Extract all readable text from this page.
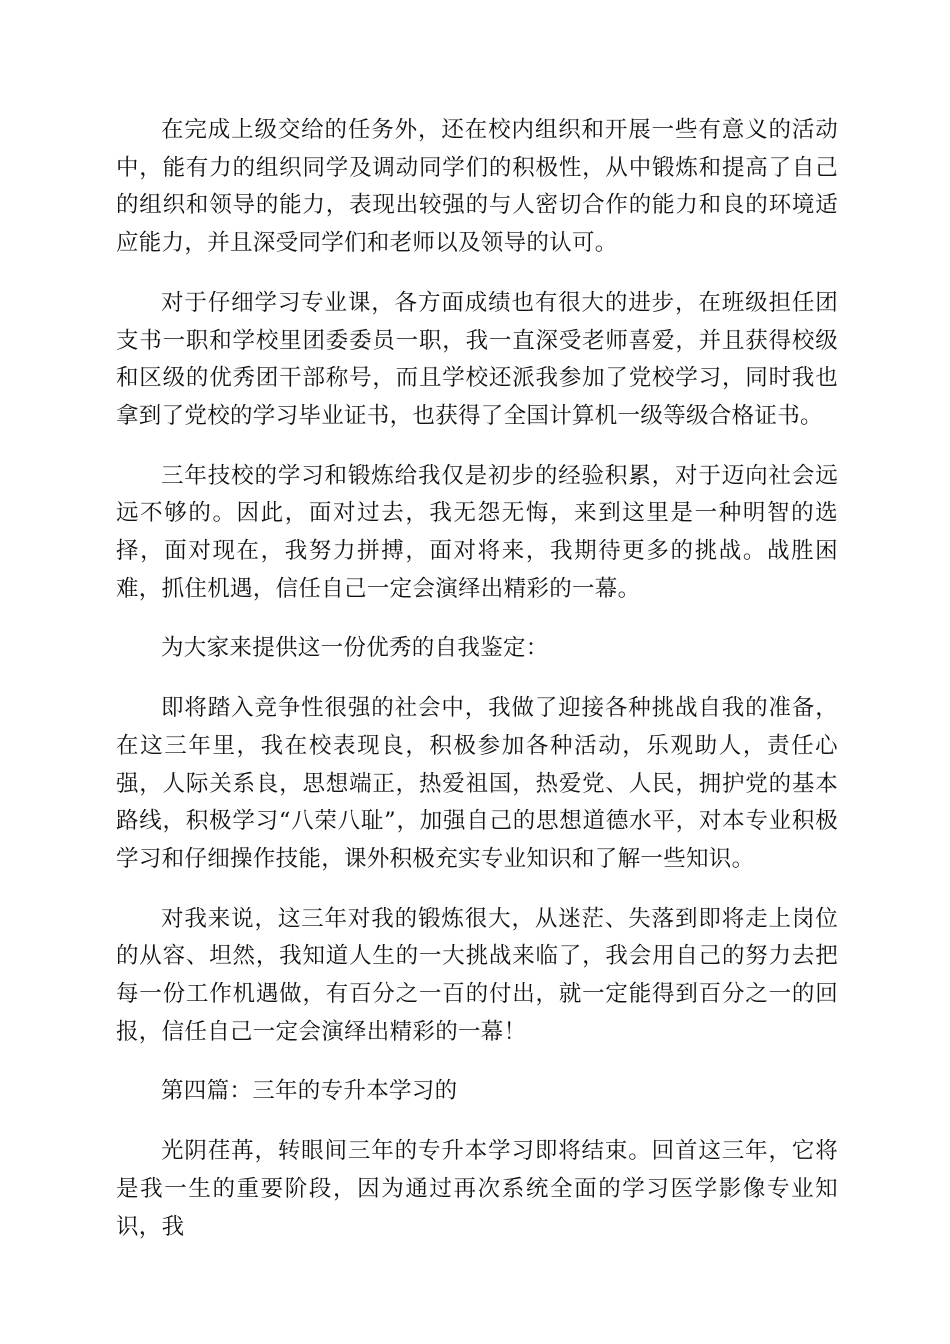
在完成上级交给的任务外，还在校内组织和开展一些有意义的活动中，能有力的组织同学及调动同学们的积极性，从中锻炼和提高了自己的组织和领导的能力，表现出较强的与人密切合作的能力和良的环境适应能力，并且深受同学们和老师以及领导的认可。

对于仔细学习专业课，各方面成绩也有很大的进步，在班级担任团支书一职和学校里团委委员一职，我一直深受老师喜爱，并且获得校级和区级的优秀团干部称号，而且学校还派我参加了党校学习，同时我也拿到了党校的学习毕业证书，也获得了全国计算机一级等级合格证书。

三年技校的学习和锻炼给我仅是初步的经验积累，对于迈向社会远远不够的。因此，面对过去，我无怨无悔，来到这里是一种明智的选择，面对现在，我努力拼搏，面对将来，我期待更多的挑战。战胜困难，抓住机遇，信任自己一定会演绎出精彩的一幕。

为大家来提供这一份优秀的自我鉴定：

即将踏入竞争性很强的社会中，我做了迎接各种挑战自我的准备，在这三年里，我在校表现良，积极参加各种活动，乐观助人，责任心强，人际关系良，思想端正，热爱祖国，热爱党、人民，拥护党的基本路线，积极学习“八荣八耻”，加强自己的思想道德水平，对本专业积极学习和仔细操作技能，课外积极充实专业知识和了解一些知识。

对我来说，这三年对我的锻炼很大，从迷茫、失落到即将走上岗位的从容、坦然，我知道人生的一大挑战来临了，我会用自己的努力去把每一份工作机遇做，有百分之一百的付出，就一定能得到百分之一的回报，信任自己一定会演绎出精彩的一幕！

第四篇：三年的专升本学习的

光阴荏苒，转眼间三年的专升本学习即将结束。回首这三年，它将是我一生的重要阶段，因为通过再次系统全面的学习医学影像专业知识，我
